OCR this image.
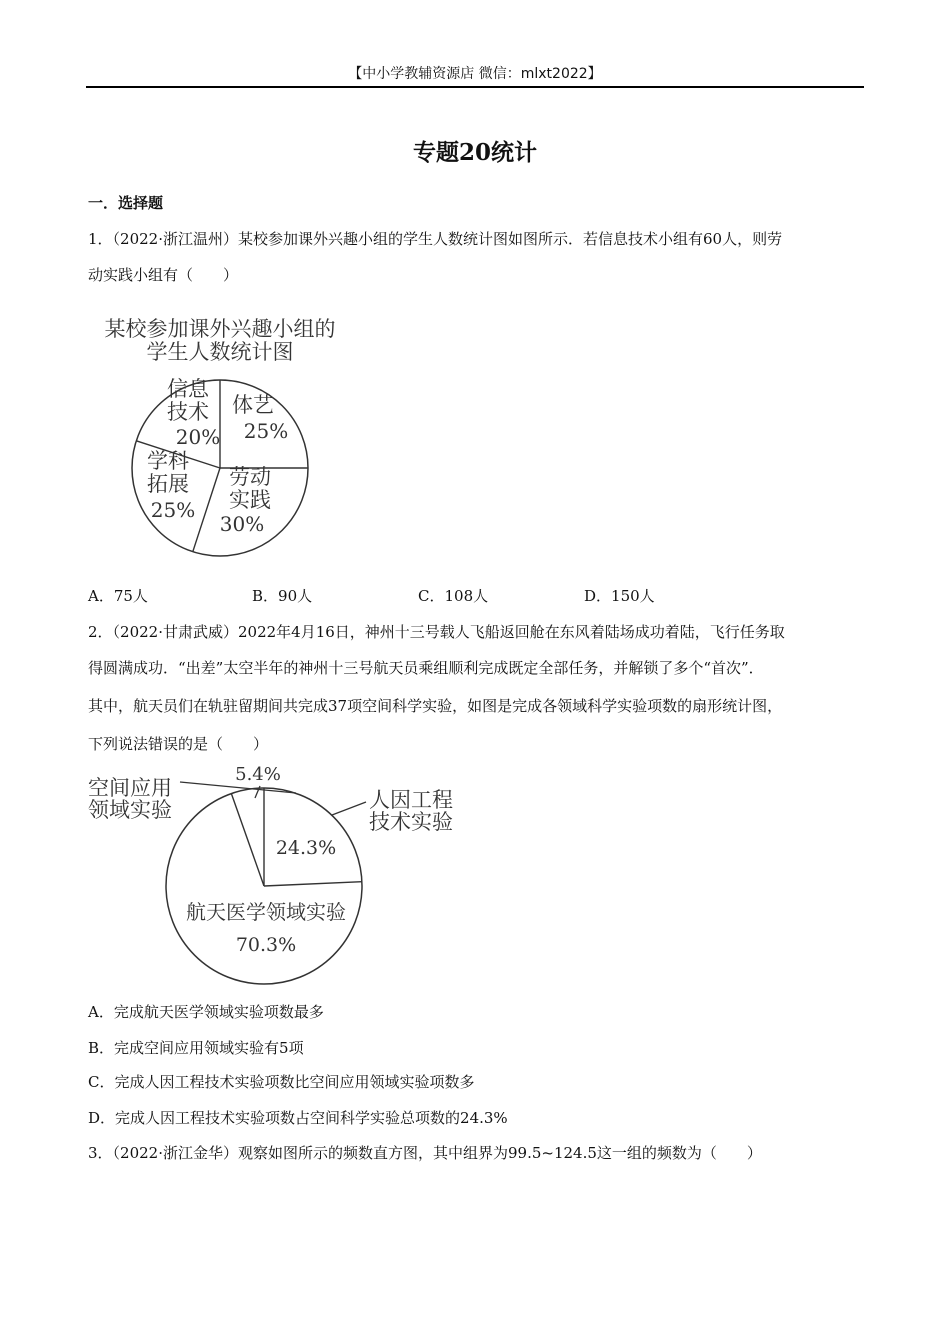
【中小学教辅资源店 微信：mlxt2022】
专题20统计
一．选择题
1．（2022·浙江温州）某校参加课外兴趣小组的学生人数统计图如图所示．若信息技术小组有60人，则劳
动实践小组有（　　）
某校参加课外兴趣小组的
学生人数统计图
体艺
25%
劳动
实践
30%
学科
拓展
25%
信息
技术
20%
A．75人	B．90人	C．108人	D．150人
2．（2022·甘肃武威）2022年4月16日，神州十三号载人飞船返回舱在东风着陆场成功着陆，飞行任务取
得圆满成功．“出差”太空半年的神州十三号航天员乘组顺利完成既定全部任务，并解锁了多个“首次”．
其中，航天员们在轨驻留期间共完成37项空间科学实验，如图是完成各领域科学实验项数的扇形统计图，
下列说法错误的是（　　）
5.4%
空间应用
领域实验	人因工程
技术实验
24.3%
航天医学领域实验
70.3%
A．完成航天医学领域实验项数最多
B．完成空间应用领域实验有5项
C．完成人因工程技术实验项数比空间应用领域实验项数多
D．完成人因工程技术实验项数占空间科学实验总项数的24.3%
3．（2022·浙江金华）观察如图所示的频数直方图，其中组界为99.5~124.5这一组的频数为（　　）
